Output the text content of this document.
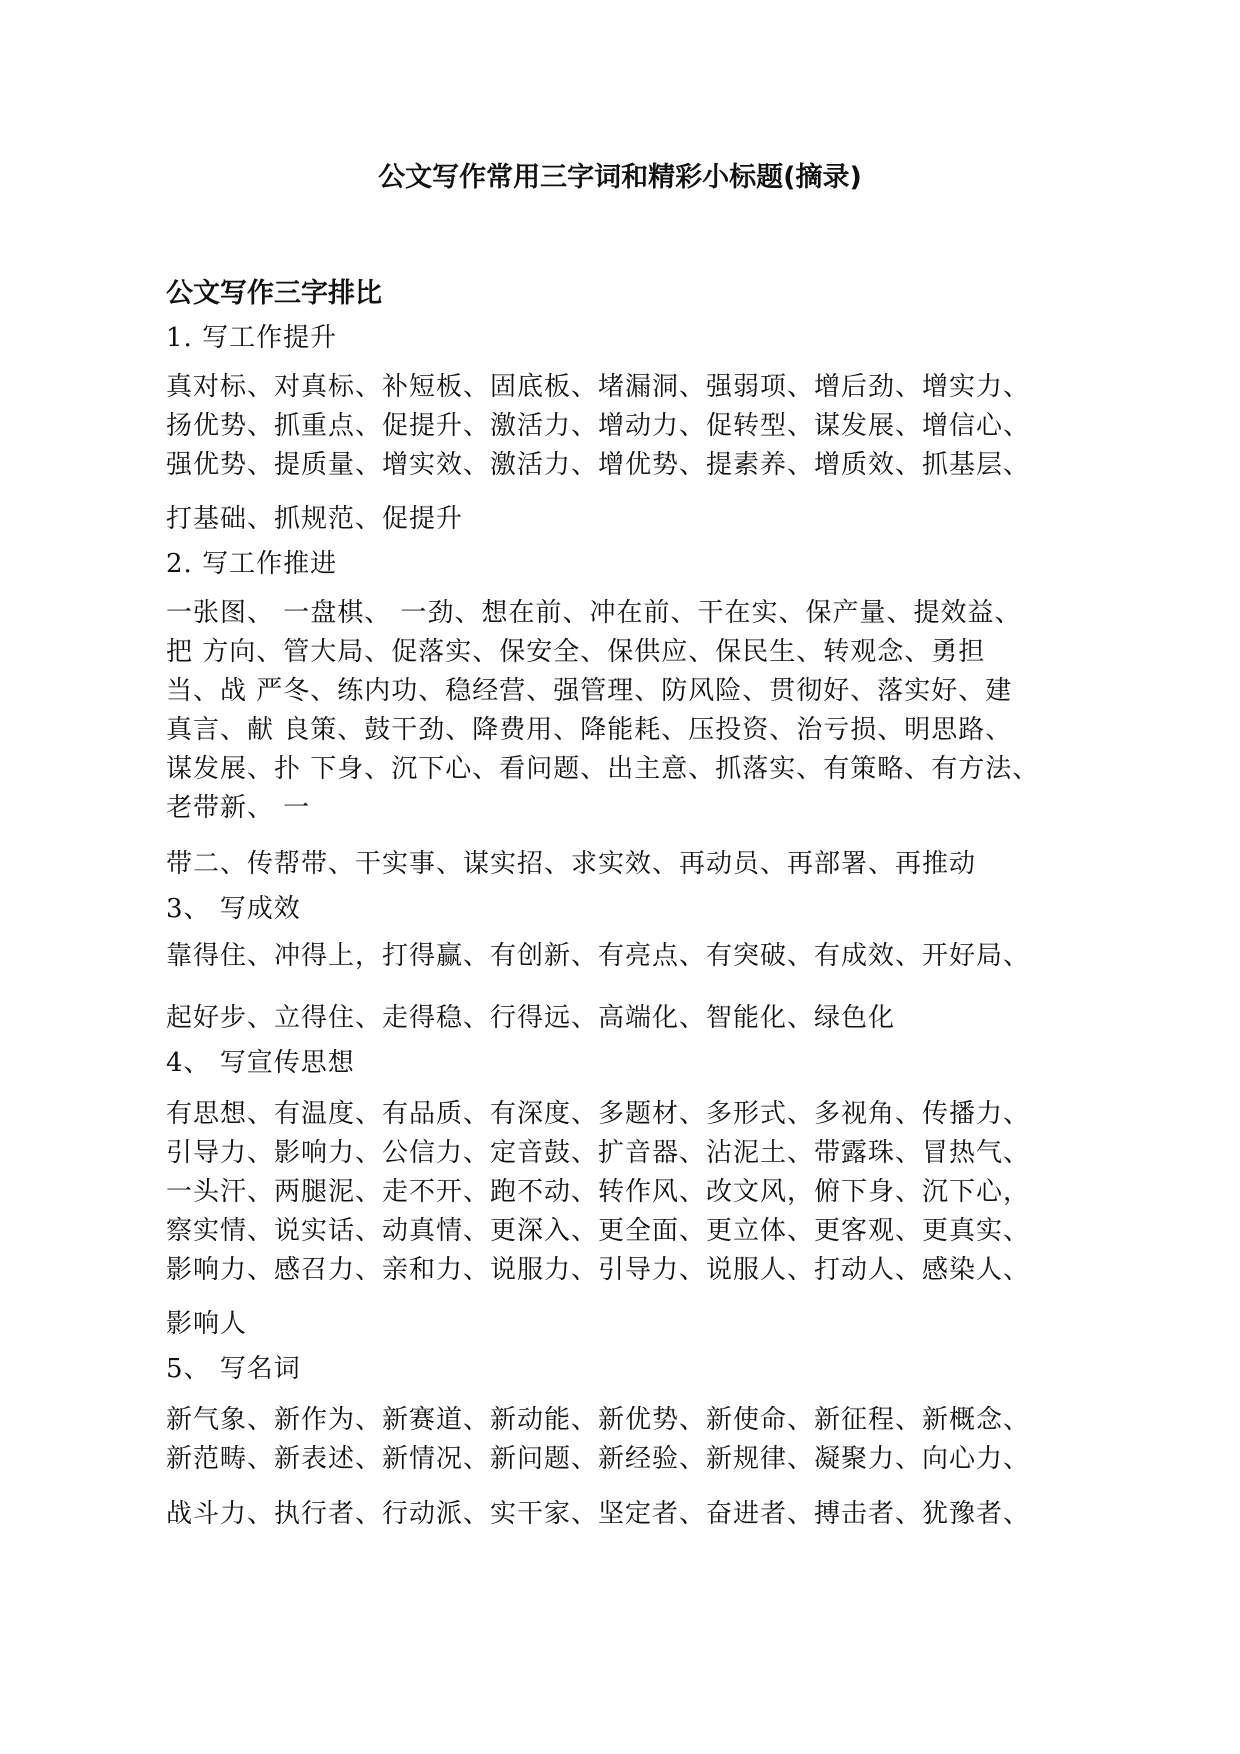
公文写作常用三字词和精彩小标题(摘录)
公文写作三字排比
1. 写工作提升
真对标、对真标、补短板、固底板、堵漏洞、强弱项、增后劲、增实力、
扬优势、抓重点、促提升、激活力、增动力、促转型、谋发展、增信心、
强优势、提质量、增实效、激活力、增优势、提素养、增质效、抓基层、
打基础、抓规范、促提升
2. 写工作推进
一张图、 一盘棋、 一劲、想在前、冲在前、干在实、保产量、提效益、
把 方向、管大局、促落实、保安全、保供应、保民生、转观念、勇担
当、战 严冬、练内功、稳经营、强管理、防风险、贯彻好、落实好、建
真言、献 良策、鼓干劲、降费用、降能耗、压投资、治亏损、明思路、
谋发展、扑 下身、沉下心、看问题、出主意、抓落实、有策略、有方法、
老带新、 一
带二、传帮带、干实事、谋实招、求实效、再动员、再部署、再推动
3、 写成效
靠得住、冲得上，打得赢、有创新、有亮点、有突破、有成效、开好局、
起好步、立得住、走得稳、行得远、高端化、智能化、绿色化
4、 写宣传思想
有思想、有温度、有品质、有深度、多题材、多形式、多视角、传播力、
引导力、影响力、公信力、定音鼓、扩音器、沾泥土、带露珠、冒热气、
一头汗、两腿泥、走不开、跑不动、转作风、改文风，俯下身、沉下心，
察实情、说实话、动真情、更深入、更全面、更立体、更客观、更真实、
影响力、感召力、亲和力、说服力、引导力、说服人、打动人、感染人、
影响人
5、 写名词
新气象、新作为、新赛道、新动能、新优势、新使命、新征程、新概念、
新范畴、新表述、新情况、新问题、新经验、新规律、凝聚力、向心力、
战斗力、执行者、行动派、实干家、坚定者、奋进者、搏击者、犹豫者、
